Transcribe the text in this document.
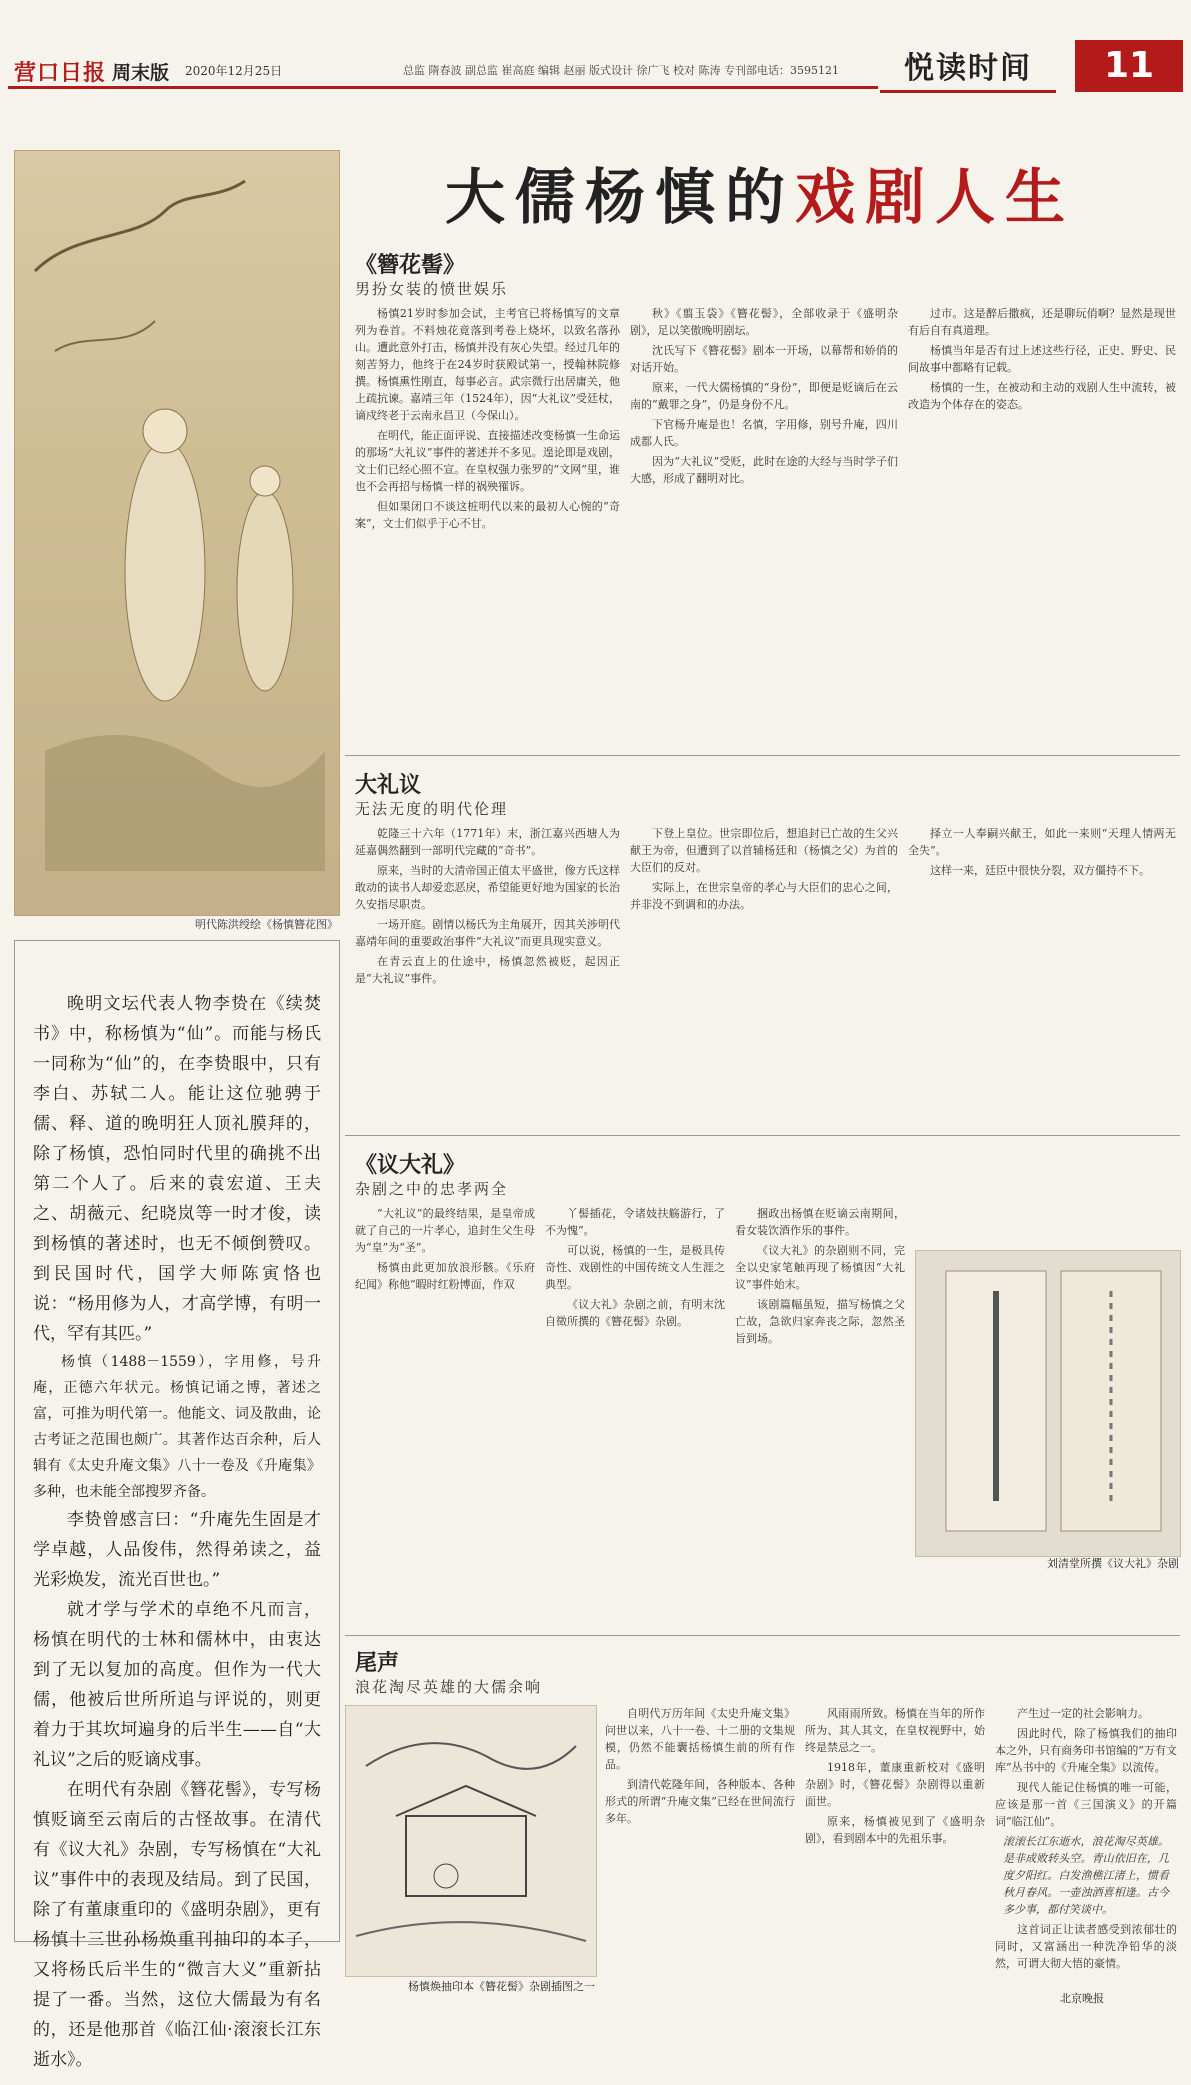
营口日报 周末版 2020年12月25日	总监 隋春波 副总监 崔高庭 编辑 赵丽 版式设计 徐广飞 校对 陈涛 专刊部电话：3595121	悦读时间	11
大儒杨慎的戏剧人生
明代陈洪绶绘《杨慎簪花图》

晚明文坛代表人物李贽在《续焚书》中，称杨慎为“仙”。而能与杨氏一同称为“仙”的，在李贽眼中，只有李白、苏轼二人。能让这位驰骋于儒、释、道的晚明狂人顶礼膜拜的，除了杨慎，恐怕同时代里的确挑不出第二个人了。后来的袁宏道、王夫之、胡薇元、纪晓岚等一时才俊，读到杨慎的著述时，也无不倾倒赞叹。到民国时代，国学大师陈寅恪也说：“杨用修为人，才高学博，有明一代，罕有其匹。”

杨慎（1488－1559），字用修，号升庵，正德六年状元。杨慎记诵之博，著述之富，可推为明代第一。他能文、词及散曲，论古考证之范围也颇广。其著作达百余种，后人辑有《太史升庵文集》八十一卷及《升庵集》多种，也未能全部搜罗齐备。

李贽曾感言曰：“升庵先生固是才学卓越，人品俊伟，然得弟读之，益光彩焕发，流光百世也。”

就才学与学术的卓绝不凡而言，杨慎在明代的士林和儒林中，由衷达到了无以复加的高度。但作为一代大儒，他被后世所所追与评说的，则更着力于其坎坷遍身的后半生——自“大礼议”之后的贬谪戍事。

在明代有杂剧《簪花髻》，专写杨慎贬谪至云南后的古怪故事。在清代有《议大礼》杂剧，专写杨慎在“大礼议”事件中的表现及结局。到了民国，除了有董康重印的《盛明杂剧》，更有杨慎十三世孙杨焕重刊抽印的本子，又将杨氏后半生的“微言大义”重新拈提了一番。当然，这位大儒最为有名的，还是他那首《临江仙·滚滚长江东逝水》。

《簪花髻》
男扮女装的愤世娱乐

杨慎21岁时参加会试，主考官已将杨慎写的文章列为卷首。不料烛花竟落到考卷上烧坏，以致名落孙山。遭此意外打击，杨慎并没有灰心失望。经过几年的刻苦努力，他终于在24岁时获殿试第一，授翰林院修撰。杨慎熏性刚直，每事必言。武宗微行出居庸关，他上疏抗谏。嘉靖三年（1524年），因“大礼议”受廷杖，谪戍终老于云南永昌卫（今保山）。

在明代，能正面评说、直接描述改变杨慎一生命运的那场“大礼议”事件的著述并不多见。遑论即是戏剧，文士们已经心照不宣。在皇权强力张罗的“文网”里，谁也不会再招与杨慎一样的祸殃罹诉。

但如果闭口不谈这桩明代以来的最初人心惋的“奇案”，文士们似乎于心不甘。

秋》《翦玉袋》《簪花髻》，全部收录于《盛明杂剧》，足以笑傲晚明剧坛。

沈氏写下《簪花髻》剧本一开场，以幕帮和娇俏的对话开始。

原来，一代大儒杨慎的“身份”，即便是贬谪后在云南的“戴罪之身”，仍是身份不凡。

下官杨升庵是也！名慎，字用修，别号升庵，四川成都人氏。

因为“大礼议”受贬，此时在途的大经与当时学子们大感，形成了翻明对比。

过市。这是醉后撒疯，还是聊玩俏啊？显然是现世有后自有真道理。

杨慎当年是否有过上述这些行径，正史、野史、民间故事中都略有记载。

杨慎的一生，在被动和主动的戏剧人生中流转，被改造为个体存在的姿态。

大礼议
无法无度的明代伦理

乾隆三十六年（1771年）末，浙江嘉兴西塘人为延嘉偶然翻到一部明代完藏的“奇书”。

原来，当时的大清帝国正值太平盛世，像方氏这样敢动的读书人却爱恋恶戾，希望能更好地为国家的长治久安指尽职责。

一场开庭。剧情以杨氏为主角展开，因其关涉明代嘉靖年间的重要政治事件“大礼议”而更具现实意义。

在青云直上的仕途中，杨慎忽然被贬，起因正是“大礼议”事件。

下登上皇位。世宗即位后，想追封已亡故的生父兴献王为帝，但遭到了以首辅杨廷和（杨慎之父）为首的大臣们的反对。

实际上，在世宗皇帝的孝心与大臣们的忠心之间，并非没不到调和的办法。

择立一人奉嗣兴献王，如此一来则“天理人情两无全失”。

这样一来，廷臣中很快分裂，双方僵持不下。

《议大礼》
杂剧之中的忠孝两全

“大礼议”的最终结果，是皇帝成就了自己的一片孝心，追封生父生母为“皇”为“圣”。

杨慎由此更加放浪形骸。《乐府纪闻》称他“暇时红粉博面，作双

丫髻插花，令诸妓扶觞游行，了不为愧”。

可以说，杨慎的一生，是极具传奇性、戏剧性的中国传统文人生涯之典型。

《议大礼》杂剧之前，有明末沈自徵所撰的《簪花髻》杂剧。

捆政出杨慎在贬谪云南期间，看女装饮酒作乐的事件。

《议大礼》的杂剧则不同，完全以史家笔触再现了杨慎因“大礼议”事件始末。

该剧篇幅虽短，描写杨慎之父亡故，急欲归家奔丧之际，忽然圣旨到场。

刘清堂所撰《议大礼》杂剧
尾声
浪花淘尽英雄的大儒余响
杨慎焕抽印本《簪花髻》杂剧插图之一

自明代万历年间《太史升庵文集》问世以来，八十一卷、十二册的文集规模，仍然不能囊括杨慎生前的所有作品。

到清代乾隆年间，各种版本、各种形式的所谓“升庵文集”已经在世间流行多年。

风雨雨所致。杨慎在当年的所作所为、其人其文，在皇权视野中，始终是禁忌之一。

1918年，董康重新校对《盛明杂剧》时，《簪花髻》杂剧得以重新面世。

原来，杨慎被见到了《盛明杂剧》，看到剧本中的先祖乐事。

产生过一定的社会影响力。

因此时代，除了杨慎我们的抽印本之外，只有商务印书馆编的“万有文库”丛书中的《升庵全集》以流传。

现代人能记住杨慎的唯一可能，应该是那一首《三国演义》的开篇词“临江仙”。

滚滚长江东逝水，浪花淘尽英雄。是非成败转头空。青山依旧在，几度夕阳红。白发渔樵江渚上，惯看秋月春风。一壶浊酒喜相逢。古今多少事，都付笑谈中。

这首词正让读者感受到浓郁壮的同时，又富涵出一种洗净铅华的淡然，可谓大彻大悟的豪情。

北京晚报
